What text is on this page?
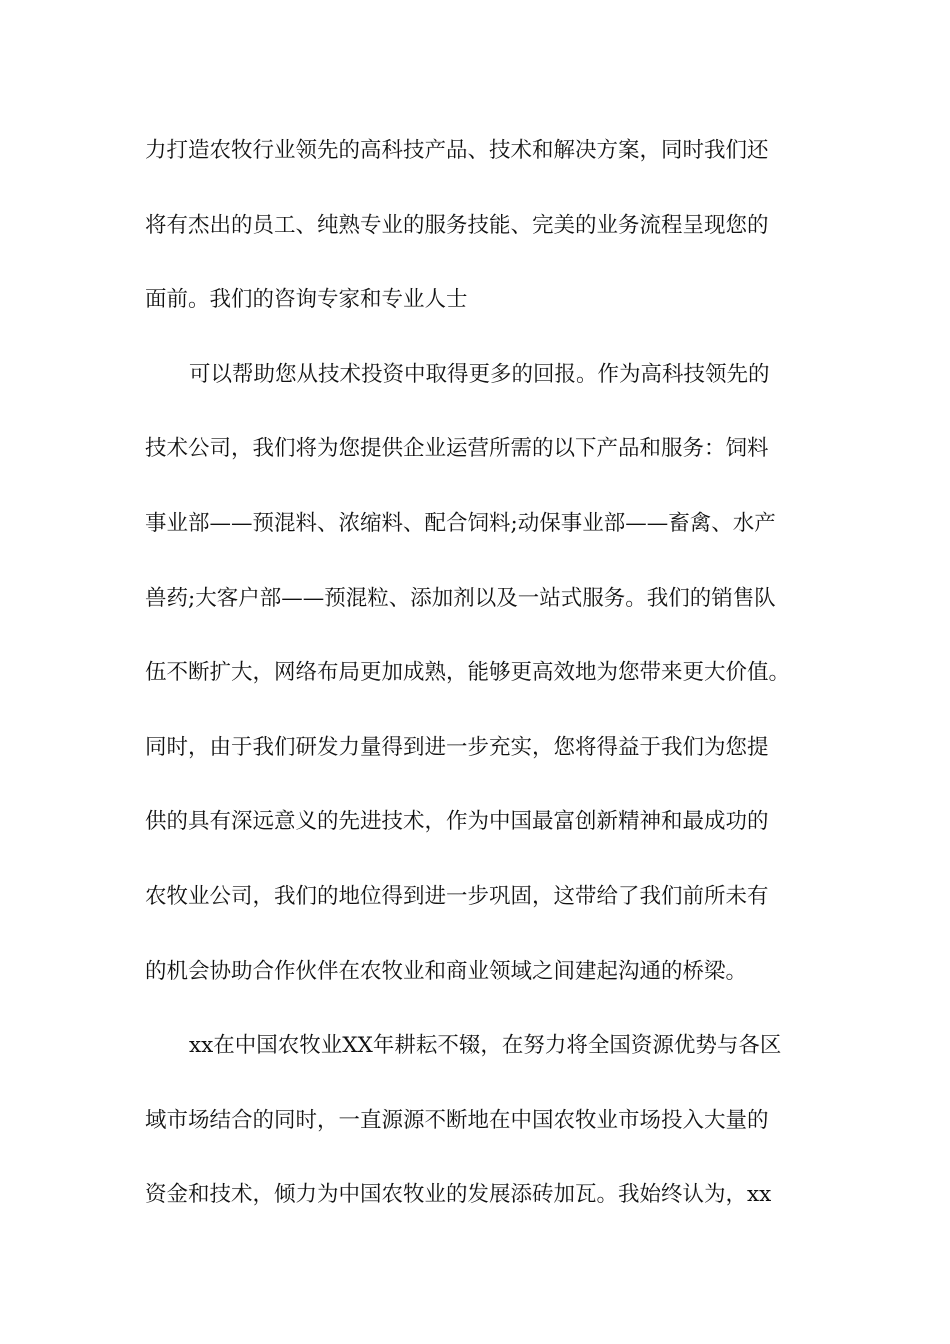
力打造农牧行业领先的高科技产品、技术和解决方案，同时我们还
将有杰出的员工、纯熟专业的服务技能、完美的业务流程呈现您的
面前。我们的咨询专家和专业人士
可以帮助您从技术投资中取得更多的回报。作为高科技领先的
技术公司，我们将为您提供企业运营所需的以下产品和服务：饲料
事业部——预混料、浓缩料、配合饲料;动保事业部——畜禽、水产
兽药;大客户部——预混粒、添加剂以及一站式服务。我们的销售队
伍不断扩大，网络布局更加成熟，能够更高效地为您带来更大价值。
同时，由于我们研发力量得到进一步充实，您将得益于我们为您提
供的具有深远意义的先进技术，作为中国最富创新精神和最成功的
农牧业公司，我们的地位得到进一步巩固，这带给了我们前所未有
的机会协助合作伙伴在农牧业和商业领域之间建起沟通的桥梁。
xx在中国农牧业XX年耕耘不辍，在努力将全国资源优势与各区
域市场结合的同时，一直源源不断地在中国农牧业市场投入大量的
资金和技术，倾力为中国农牧业的发展添砖加瓦。我始终认为，xx
